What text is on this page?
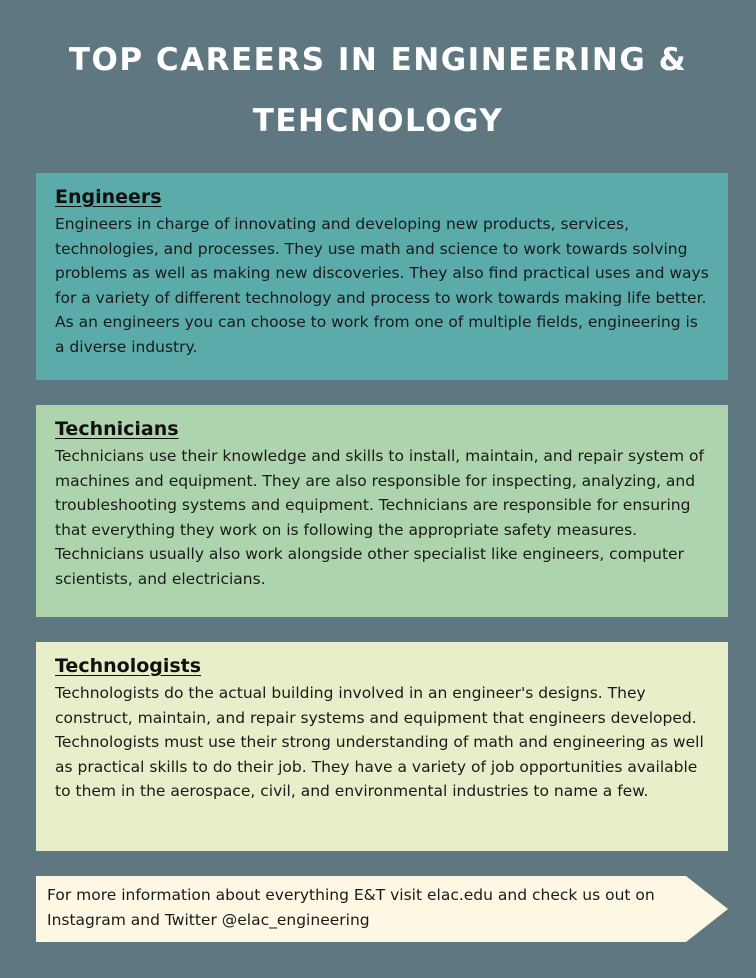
TOP CAREERS IN ENGINEERING &
TEHCNOLOGY
Engineers

Engineers in charge of innovating and developing new products, services, technologies, and processes. They use math and science to work towards solving problems as well as making new discoveries. They also find practical uses and ways for a variety of different technology and process to work towards making life better. As an engineers you can choose to work from one of multiple fields, engineering is a diverse industry.

Technicians

Technicians use their knowledge and skills to install, maintain, and repair system of machines and equipment. They are also responsible for inspecting, analyzing, and troubleshooting systems and equipment. Technicians are responsible for ensuring that everything they work on is following the appropriate safety measures. Technicians usually also work alongside other specialist like engineers, computer scientists, and electricians.

Technologists

Technologists do the actual building involved in an engineer's designs. They construct, maintain, and repair systems and equipment that engineers developed. Technologists must use their strong understanding of math and engineering as well as practical skills to do their job. They have a variety of job opportunities available to them in the aerospace, civil, and environmental industries to name a few.

For more information about everything E&T visit elac.edu and check us out on Instagram and Twitter @elac_engineering
